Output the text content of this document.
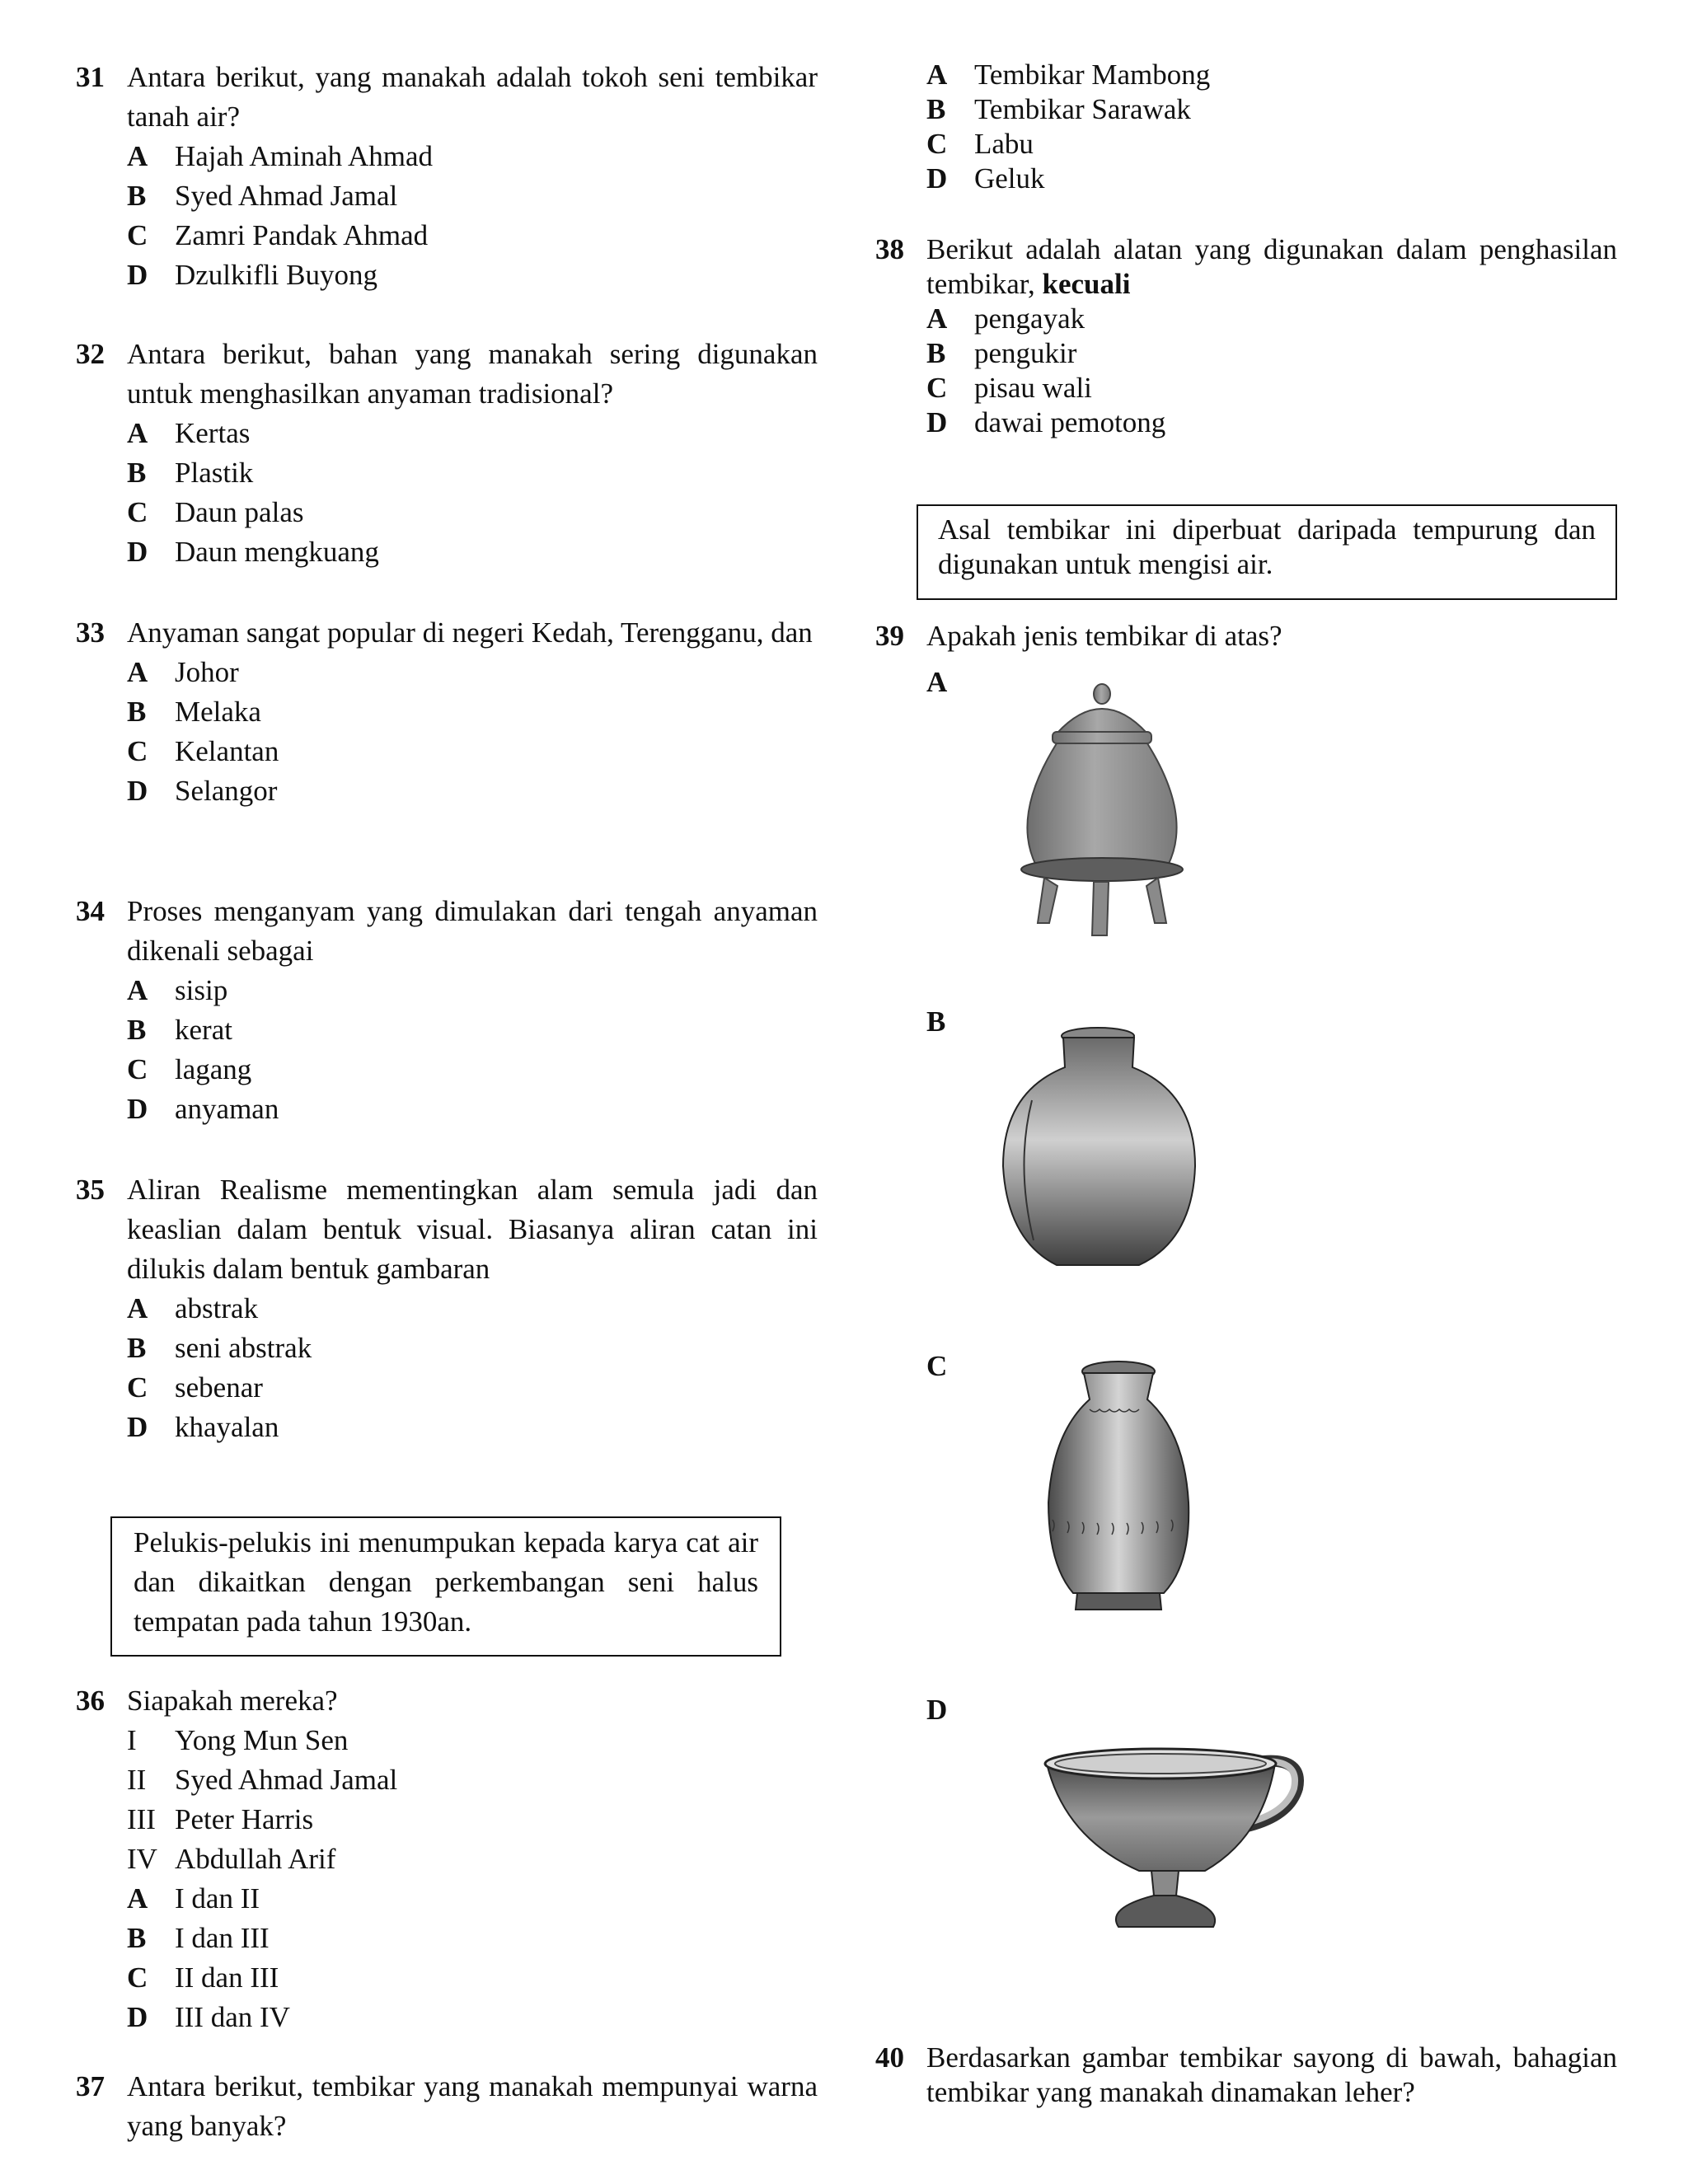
31 Antara berikut, yang manakah adalah tokoh seni tembikar tanah air?
A Hajah Aminah Ahmad
B Syed Ahmad Jamal
C Zamri Pandak Ahmad
D Dzulkifli Buyong
32 Antara berikut, bahan yang manakah sering digunakan untuk menghasilkan anyaman tradisional?
A Kertas
B Plastik
C Daun palas
D Daun mengkuang
33 Anyaman sangat popular di negeri Kedah, Terengganu, dan
A Johor
B Melaka
C Kelantan
D Selangor
34 Proses menganyam yang dimulakan dari tengah anyaman dikenali sebagai
A sisip
B kerat
C lagang
D anyaman
35 Aliran Realisme mementingkan alam semula jadi dan keaslian dalam bentuk visual. Biasanya aliran catan ini dilukis dalam bentuk gambaran
A abstrak
B seni abstrak
C sebenar
D khayalan
Pelukis-pelukis ini menumpukan kepada karya cat air dan dikaitkan dengan perkembangan seni halus tempatan pada tahun 1930an.
36 Siapakah mereka?
I Yong Mun Sen
II Syed Ahmad Jamal
III Peter Harris
IV Abdullah Arif
A I dan II
B I dan III
C II dan III
D III dan IV
37 Antara berikut, tembikar yang manakah mempunyai warna yang banyak?
A Tembikar Mambong
B Tembikar Sarawak
C Labu
D Geluk
38 Berikut adalah alatan yang digunakan dalam penghasilan tembikar, kecuali
A pengayak
B pengukir
C pisau wali
D dawai pemotong
Asal tembikar ini diperbuat daripada tempurung dan digunakan untuk mengisi air.
39 Apakah jenis tembikar di atas?
A
B
C
D
40 Berdasarkan gambar tembikar sayong di bawah, bahagian tembikar yang manakah dinamakan leher?
